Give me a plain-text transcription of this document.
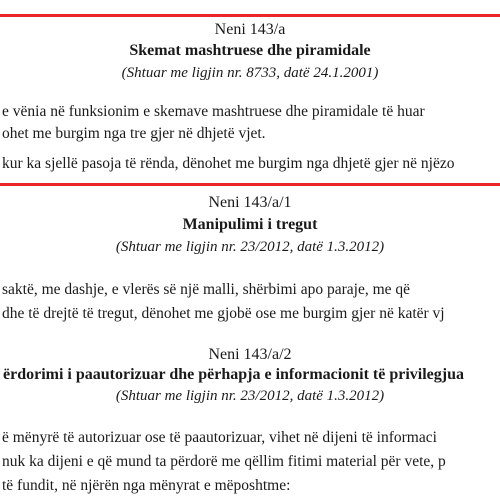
Neni 143/a

Skemat mashtruese dhe piramidale

(Shtuar me ligjin nr. 8733, datë 24.1.2001)

e vënia në funksionim e skemave mashtruese dhe piramidale të huar

ohet me burgim nga tre gjer në dhjetë vjet.

kur ka sjellë pasoja të rënda, dënohet me burgim nga dhjetë gjer në njëzo

Neni 143/a/1

Manipulimi i tregut

(Shtuar me ligjin nr. 23/2012, datë 1.3.2012)

saktë, me dashje, e vlerës së një malli, shërbimi apo paraje, me që

dhe të drejtë të tregut, dënohet me gjobë ose me burgim gjer në katër vj

Neni 143/a/2

ërdorimi i paautorizuar dhe përhapja e informacionit të privilegjua

(Shtuar me ligjin nr. 23/2012, datë 1.3.2012)

ë mënyrë të autorizuar ose të paautorizuar, vihet në dijeni të informaci

nuk ka dijeni e që mund ta përdorë me qëllim fitimi material për vete, p

të fundit, në njërën nga mënyrat e mëposhtme:
